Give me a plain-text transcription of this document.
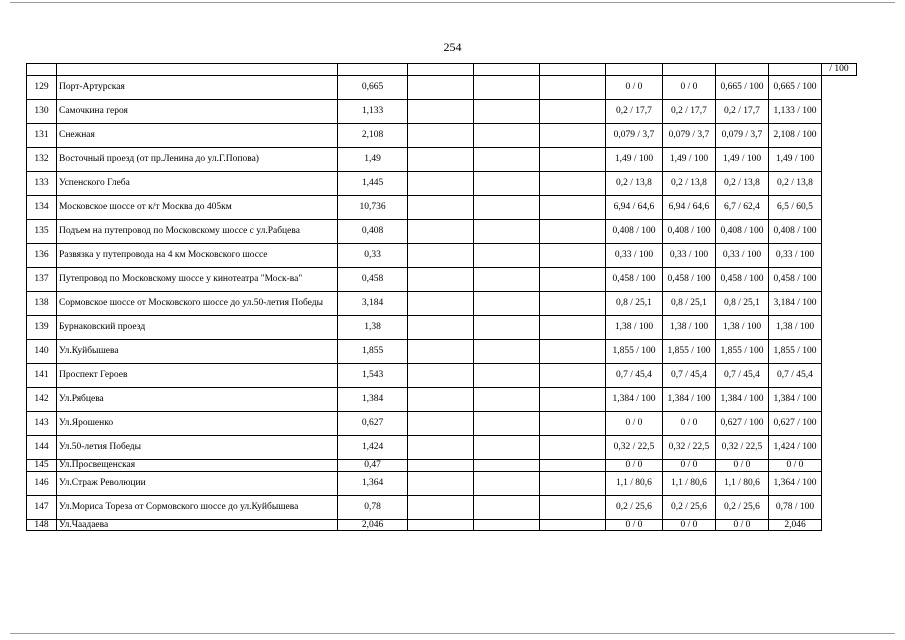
254
										/ 100
129	Порт-Артурская	0,665				0 / 0	0 / 0	0,665 / 100	0,665 / 100	
130	Самочкина героя	1,133				0,2 / 17,7	0,2 / 17,7	0,2 / 17,7	1,133 / 100	
131	Снежная	2,108				0,079 / 3,7	0,079 / 3,7	0,079 / 3,7	2,108 / 100	
132	Восточный проезд (от пр.Ленина до ул.Г.Попова)	1,49				1,49 / 100	1,49 / 100	1,49 / 100	1,49 / 100	
133	Успенского Глеба	1,445				0,2 / 13,8	0,2 / 13,8	0,2 / 13,8	0,2 / 13,8	
134	Московское шоссе от к/т Москва до 405км	10,736				6,94 / 64,6	6,94 / 64,6	6,7 / 62,4	6,5 / 60,5	
135	Подъем на путепровод по Московскому шоссе с ул.Рабцева	0,408				0,408 / 100	0,408 / 100	0,408 / 100	0,408 / 100	
136	Развязка у путепровода на 4 км Московского шоссе	0,33				0,33 / 100	0,33 / 100	0,33 / 100	0,33 / 100	
137	Путепровод по Московскому шоссе у кинотеатра "Моск-ва"	0,458				0,458 / 100	0,458 / 100	0,458 / 100	0,458 / 100	
138	Сормовское шоссе от Московского шоссе до ул.50-летия Победы	3,184				0,8 / 25,1	0,8 / 25,1	0,8 / 25,1	3,184 / 100	
139	Бурнаковский проезд	1,38				1,38 / 100	1,38 / 100	1,38 / 100	1,38 / 100	
140	Ул.Куйбышева	1,855				1,855 / 100	1,855 / 100	1,855 / 100	1,855 / 100	
141	Проспект Героев	1,543				0,7 / 45,4	0,7 / 45,4	0,7 / 45,4	0,7 / 45,4	
142	Ул.Рябцева	1,384				1,384 / 100	1,384 / 100	1,384 / 100	1,384 / 100	
143	Ул.Ярошенко	0,627				0 / 0	0 / 0	0,627 / 100	0,627 / 100	
144	Ул.50-летия Победы	1,424				0,32 / 22,5	0,32 / 22,5	0,32 / 22,5	1,424 / 100	
145	Ул.Просвещенская	0,47				0 / 0	0 / 0	0 / 0	0 / 0	
146	Ул.Страж Революции	1,364				1,1 / 80,6	1,1 / 80,6	1,1 / 80,6	1,364 / 100	
147	Ул.Мориса Тореза от Сормовского шоссе до ул.Куйбышева	0,78				0,2 / 25,6	0,2 / 25,6	0,2 / 25,6	0,78 / 100	
148	Ул.Чаадаева	2,046				0 / 0	0 / 0	0 / 0	2,046	
